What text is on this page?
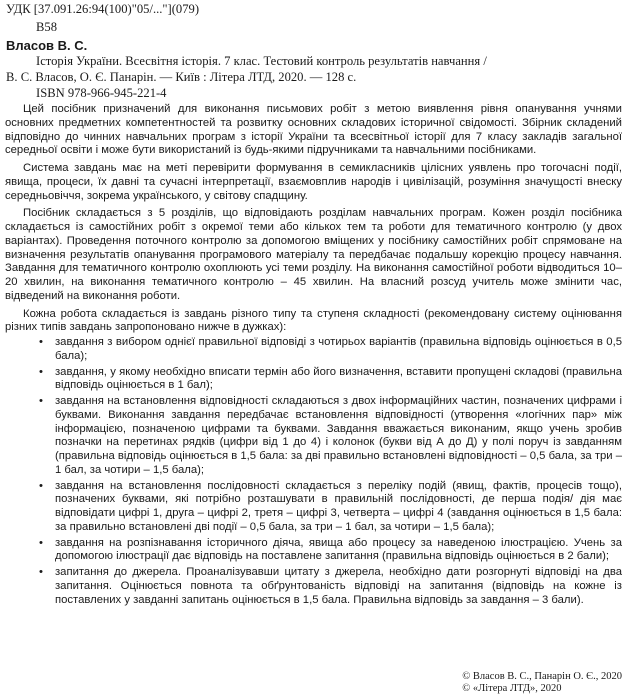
УДК [37.091.26:94(100)"05/..."](079)
В58
Власов В. С.
Історія України. Всесвітня історія. 7 клас. Тестовий контроль результатів навчання /
В. С. Власов, О. Є. Панарін. — Київ : Літера ЛТД, 2020. — 128 с.
ISBN 978-966-945-221-4

Цей посібник призначений для виконання письмових робіт з метою виявлення рівня опанування учнями основних предметних компетентностей та розвитку основних складових історичної свідомості. Збірник складений відповідно до чинних навчальних програм з історії України та всесвітньої історії для 7 класу закладів загальної середньої освіти і може бути використаний із будь-якими підручниками та навчальними посібниками.

Система завдань має на меті перевірити формування в семикласників цілісних уявлень про тогочасні події, явища, процеси, їх давні та сучасні інтерпретації, взаємовплив народів і цивілізацій, розуміння значущості внеску середньовіччя, зокрема українського, у світову спадщину.

Посібник складається з 5 розділів, що відповідають розділам навчальних програм. Кожен розділ посібника складається із самостійних робіт з окремої теми або кількох тем та роботи для тематичного контролю (у двох варіантах). Проведення поточного контролю за допомогою вміщених у посібнику самостійних робіт спрямоване на визначення результатів опанування програмового матеріалу та передбачає подальшу корекцію процесу навчання. Завдання для тематичного контролю охоплюють усі теми розділу. На виконання самостійної роботи відводиться 10–20 хвилин, на виконання тематичного контролю – 45 хвилин. На власний розсуд учитель може змінити час, відведений на виконання роботи.

Кожна робота складається із завдань різного типу та ступеня складності (рекомендовану систему оцінювання різних типів завдань запропоновано нижче в дужках):

• завдання з вибором однієї правильної відповіді з чотирьох варіантів (правильна відповідь оцінюється в 0,5 бала);
• завдання, у якому необхідно вписати термін або його визначення, вставити пропущені складові (правильна відповідь оцінюється в 1 бал);
• завдання на встановлення відповідності складаються з двох інформаційних частин, позначених цифрами і буквами. Виконання завдання передбачає встановлення відповідності (утворення «логічних пар» між інформацією, позначеною цифрами та буквами. Завдання вважається виконаним, якщо учень зробив позначки на перетинах рядків (цифри від 1 до 4) і колонок (букви від А до Д) у полі поруч із завданням (правильна відповідь оцінюється в 1,5 бала: за дві правильно встановлені відповідності – 0,5 бала, за три – 1 бал, за чотири – 1,5 бала);
• завдання на встановлення послідовності складається з переліку подій (явищ, фактів, процесів тощо), позначених буквами, які потрібно розташувати в правильній послідовності, де перша подія/ дія має відповідати цифрі 1, друга – цифрі 2, третя – цифрі 3, четверта – цифрі 4 (завдання оцінюється в 1,5 бала: за правильно встановлені дві події – 0,5 бала, за три – 1 бал, за чотири – 1,5 бала);
• завдання на розпізнавання історичного діяча, явища або процесу за наведеною ілюстрацією. Учень за допомогою ілюстрації дає відповідь на поставлене запитання (правильна відповідь оцінюється в 2 бали);
• запитання до джерела. Проаналізувавши цитату з джерела, необхідно дати розгорнуті відповіді на два запитання. Оцінюється повнота та обґрунтованість відповіді на запитання (відповідь на кожне із поставлених у завданні запитань оцінюється в 1,5 бала. Правильна відповідь за завдання – 3 бали).
© Власов В. С., Панарін О. Є., 2020
© «Літера ЛТД», 2020
